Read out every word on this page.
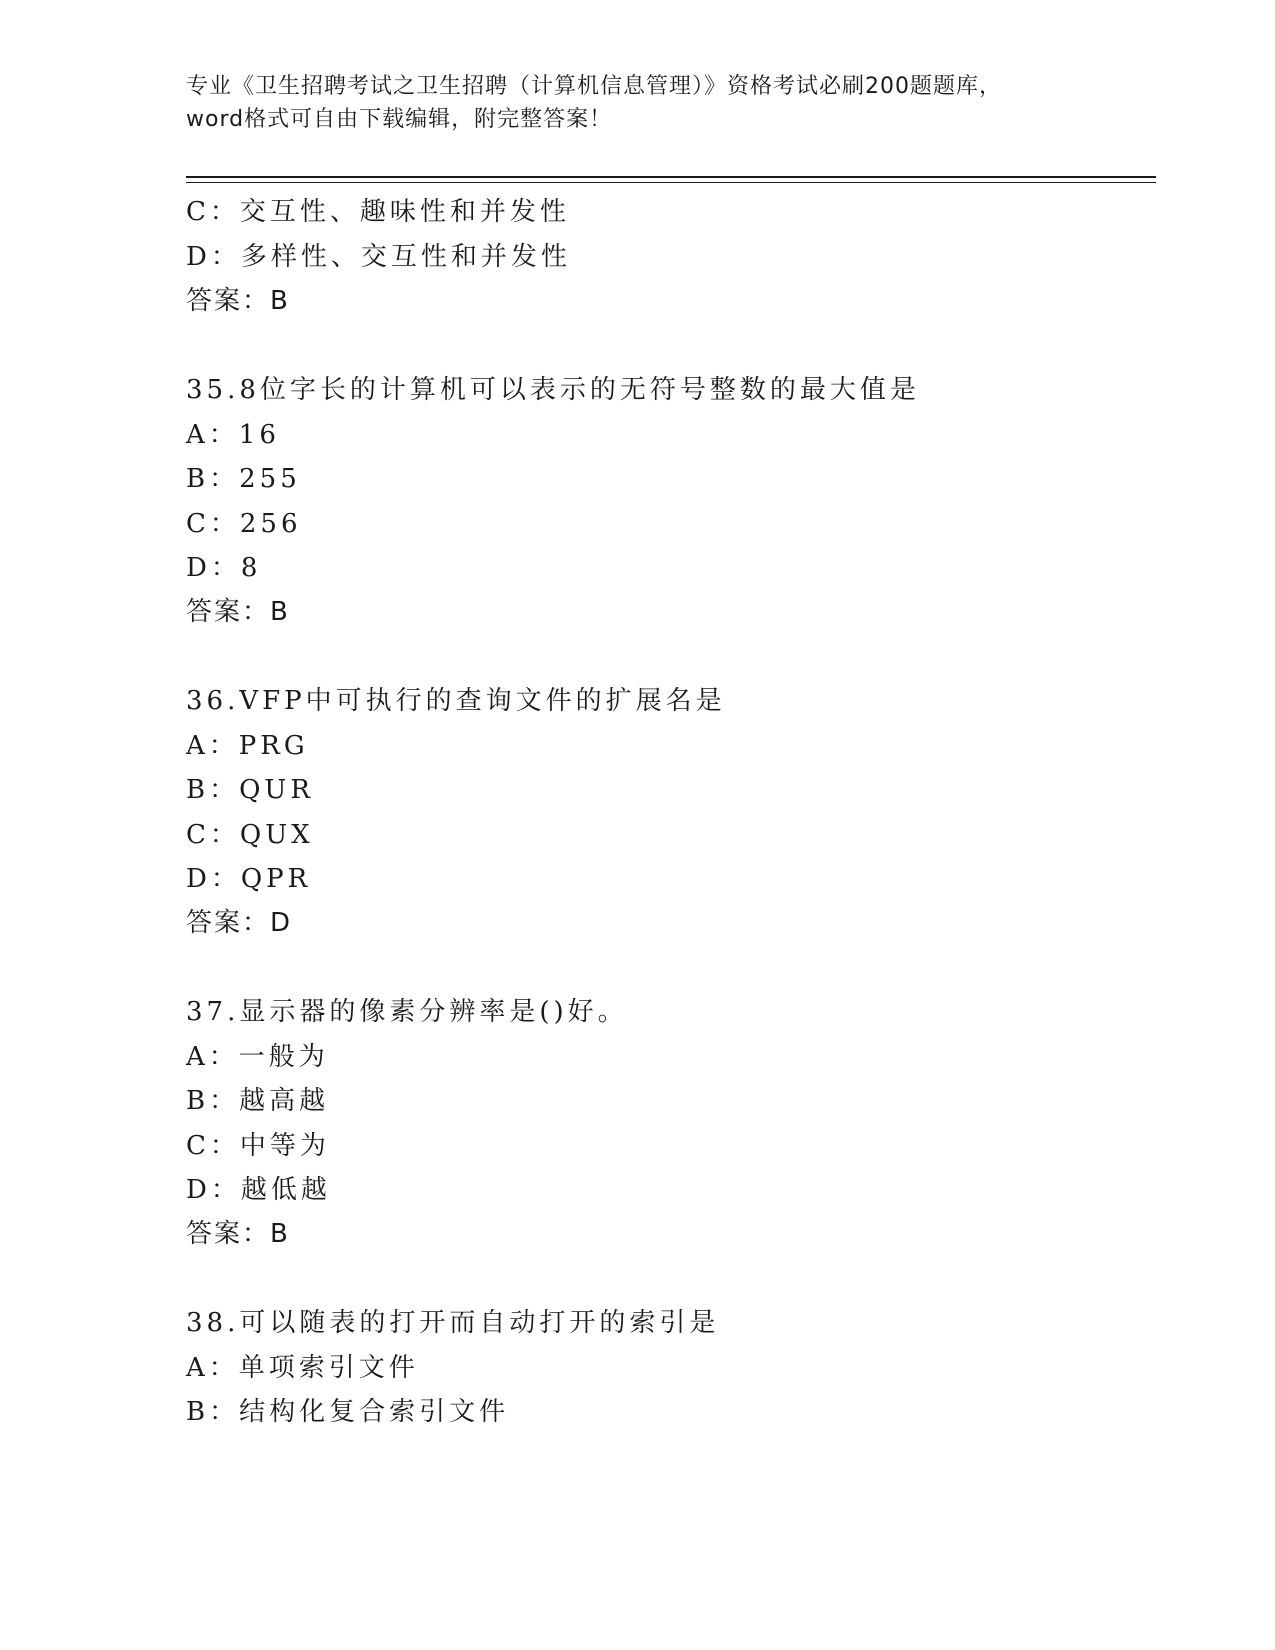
专业《卫生招聘考试之卫生招聘（计算机信息管理）》资格考试必刷200题题库，
word格式可自由下载编辑，附完整答案！
C：交互性、趣味性和并发性
D：多样性、交互性和并发性
答案：B
35.8位字长的计算机可以表示的无符号整数的最大值是
A：16
B：255
C：256
D：8
答案：B
36.VFP中可执行的查询文件的扩展名是
A：PRG
B：QUR
C：QUX
D：QPR
答案：D
37.显示器的像素分辨率是()好。
A：一般为
B：越高越
C：中等为
D：越低越
答案：B
38.可以随表的打开而自动打开的索引是
A：单项索引文件
B：结构化复合索引文件
